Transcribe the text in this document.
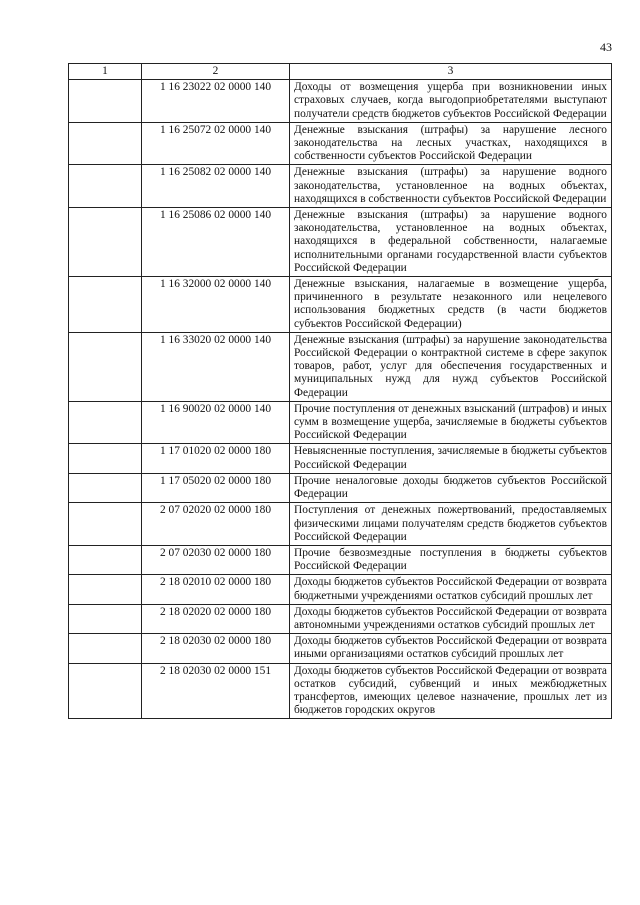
43
1	2	3
	1 16 23022 02 0000 140	Доходы от возмещения ущерба при возникновении иных страховых случаев, когда выгодоприобретателями выступают получатели средств бюджетов субъектов Российской Федерации
	1 16 25072 02 0000 140	Денежные взыскания (штрафы) за нарушение лесного законодательства на лесных участках, находящихся в собственности субъектов Российской Федерации
	1 16 25082 02 0000 140	Денежные взыскания (штрафы) за нарушение водного законодательства, установленное на водных объектах, находящихся в собственности субъектов Российской Федерации
	1 16 25086 02 0000 140	Денежные взыскания (штрафы) за нарушение водного законодательства, установленное на водных объектах, находящихся в федеральной собственности, налагаемые исполнительными органами государственной власти субъектов Российской Федерации
	1 16 32000 02 0000 140	Денежные взыскания, налагаемые в возмещение ущерба, причиненного в результате незаконного или нецелевого использования бюджетных средств (в части бюджетов субъектов Российской Федерации)
	1 16 33020 02 0000 140	Денежные взыскания (штрафы) за нарушение законодательства Российской Федерации о контрактной системе в сфере закупок товаров, работ, услуг для обеспечения государственных и муниципальных нужд для нужд субъектов Российской Федерации
	1 16 90020 02 0000 140	Прочие поступления от денежных взысканий (штрафов) и иных сумм в возмещение ущерба, зачисляемые в бюджеты субъектов Российской Федерации
	1 17 01020 02 0000 180	Невыясненные поступления, зачисляемые в бюджеты субъектов Российской Федерации
	1 17 05020 02 0000 180	Прочие неналоговые доходы бюджетов субъектов Российской Федерации
	2 07 02020 02 0000 180	Поступления от денежных пожертвований, предоставляемых физическими лицами получателям средств бюджетов субъектов Российской Федерации
	2 07 02030 02 0000 180	Прочие безвозмездные поступления в бюджеты субъектов Российской Федерации
	2 18 02010 02 0000 180	Доходы бюджетов субъектов Российской Федерации от возврата бюджетными учреждениями остатков субсидий прошлых лет
	2 18 02020 02 0000 180	Доходы бюджетов субъектов Российской Федерации от возврата автономными учреждениями остатков субсидий прошлых лет
	2 18 02030 02 0000 180	Доходы бюджетов субъектов Российской Федерации от возврата иными организациями остатков субсидий прошлых лет
	2 18 02030 02 0000 151	Доходы бюджетов субъектов Российской Федерации от возврата остатков субсидий, субвенций и иных межбюджетных трансфертов, имеющих целевое назначение, прошлых лет из бюджетов городских округов
